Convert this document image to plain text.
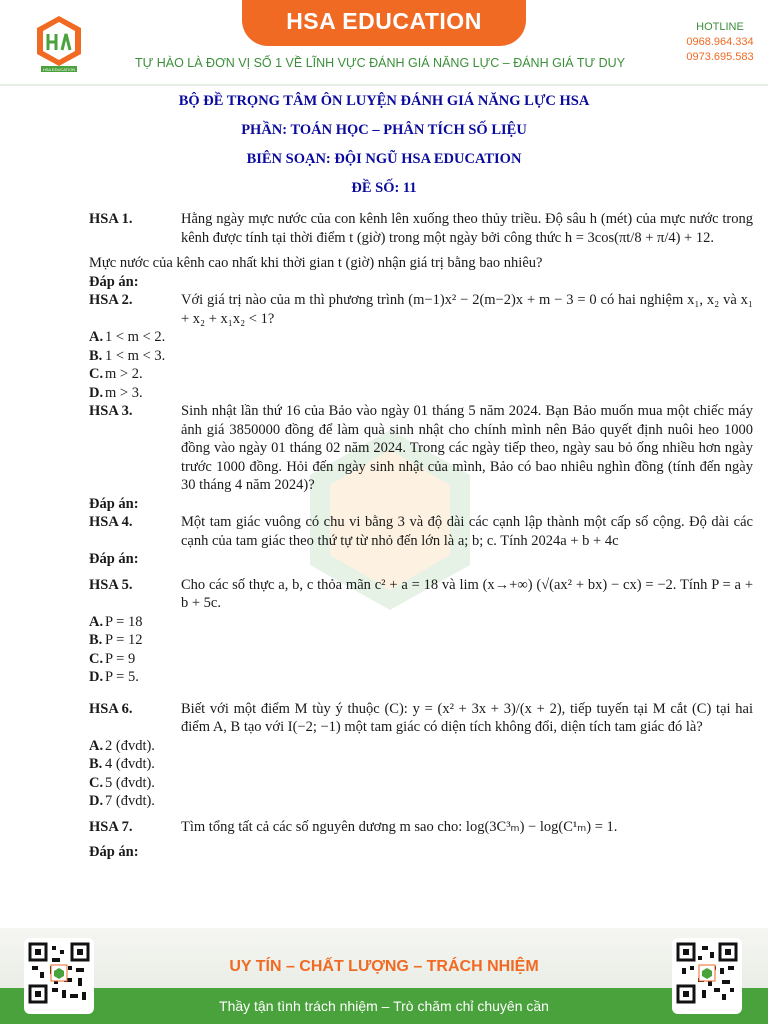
HSA EDUCATION
HSA EDUCATION
TỰ HÀO LÀ ĐƠN VỊ SỐ 1 VỀ LĨNH VỰC ĐÁNH GIÁ NĂNG LỰC – ĐÁNH GIÁ TƯ DUY
HOTLINE
0968.964.334
0973.695.583
BỘ ĐỀ TRỌNG TÂM ÔN LUYỆN ĐÁNH GIÁ NĂNG LỰC HSA
PHẦN: TOÁN HỌC – PHÂN TÍCH SỐ LIỆU
BIÊN SOẠN: ĐỘI NGŨ HSA EDUCATION
ĐỀ SỐ: 11
HSA 1.	Hằng ngày mực nước của con kênh lên xuống theo thủy triều. Độ sâu h (mét) của mực nước trong kênh được tính tại thời điểm t (giờ) trong một ngày bởi công thức h = 3cos(πt/8 + π/4) + 12.
Mực nước của kênh cao nhất khi thời gian t (giờ) nhận giá trị bằng bao nhiêu?
Đáp án:
HSA 2.	Với giá trị nào của m thì phương trình (m−1)x² − 2(m−2)x + m − 3 = 0 có hai nghiệm x₁, x₂ và x₁ + x₂ + x₁x₂ < 1?
A. 1 < m < 2.
B. 1 < m < 3.
C. m > 2.
D. m > 3.
HSA 3.	Sinh nhật lần thứ 16 của Bảo vào ngày 01 tháng 5 năm 2024. Bạn Bảo muốn mua một chiếc máy ảnh giá 3850000 đồng để làm quà sinh nhật cho chính mình nên Bảo quyết định nuôi heo 1000 đồng vào ngày 01 tháng 02 năm 2024. Trong các ngày tiếp theo, ngày sau bỏ ống nhiều hơn ngày trước 1000 đồng. Hỏi đến ngày sinh nhật của mình, Bảo có bao nhiêu nghìn đồng (tính đến ngày 30 tháng 4 năm 2024)?
Đáp án:
HSA 4.	Một tam giác vuông có chu vi bằng 3 và độ dài các cạnh lập thành một cấp số cộng. Độ dài các cạnh của tam giác theo thứ tự từ nhỏ đến lớn là a; b; c. Tính 2024a + b + 4c
Đáp án:
HSA 5.	Cho các số thực a, b, c thỏa mãn c² + a = 18 và lim (x→+∞) (√(ax² + bx) − cx) = −2. Tính P = a + b + 5c.
A. P = 18
B. P = 12
C. P = 9
D. P = 5.
HSA 6.	Biết với một điểm M tùy ý thuộc (C): y = (x² + 3x + 3)/(x + 2), tiếp tuyến tại M cắt (C) tại hai điểm A, B tạo với I(−2; −1) một tam giác có diện tích không đổi, diện tích tam giác đó là?
A. 2 (đvdt).
B. 4 (đvdt).
C. 5 (đvdt).
D. 7 (đvdt).
HSA 7.	Tìm tổng tất cả các số nguyên dương m sao cho: log(3C³ₘ) − log(C¹ₘ) = 1.
Đáp án:
UY TÍN – CHẤT LƯỢNG – TRÁCH NHIỆM
Thầy tận tình trách nhiệm – Trò chăm chỉ chuyên cần
